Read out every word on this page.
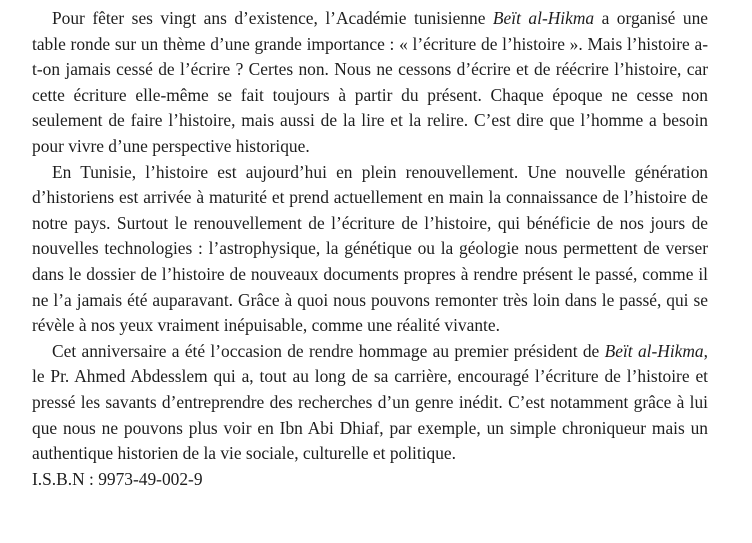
Pour fêter ses vingt ans d’existence, l’Académie tunisienne Beït al-Hikma a organisé une table ronde sur un thème d’une grande importance : « l’écriture de l’histoire ». Mais l’histoire a-t-on jamais cessé de l’écrire ? Certes non. Nous ne cessons d’écrire et de réécrire l’histoire, car cette écriture elle-même se fait toujours à partir du présent. Chaque époque ne cesse non seulement de faire l’histoire, mais aussi de la lire et la relire. C’est dire que l’homme a besoin pour vivre d’une perspective historique.

En Tunisie, l’histoire est aujourd’hui en plein renouvellement. Une nouvelle génération d’historiens est arrivée à maturité et prend actuellement en main la connaissance de l’histoire de notre pays. Surtout le renouvellement de l’écriture de l’histoire, qui bénéficie de nos jours de nouvelles technologies : l’astrophysique, la génétique ou la géologie nous permettent de verser dans le dossier de l’histoire de nouveaux documents propres à rendre présent le passé, comme il ne l’a jamais été auparavant. Grâce à quoi nous pouvons remonter très loin dans le passé, qui se révèle à nos yeux vraiment inépuisable, comme une réalité vivante.

Cet anniversaire a été l’occasion de rendre hommage au premier président de Beït al-Hikma, le Pr. Ahmed Abdesslem qui a, tout au long de sa carrière, encouragé l’écriture de l’histoire et pressé les savants d’entreprendre des recherches d’un genre inédit. C’est notamment grâce à lui que nous ne pouvons plus voir en Ibn Abi Dhiaf, par exemple, un simple chroniqueur mais un authentique historien de la vie sociale, culturelle et politique.

I.S.B.N : 9973-49-002-9
